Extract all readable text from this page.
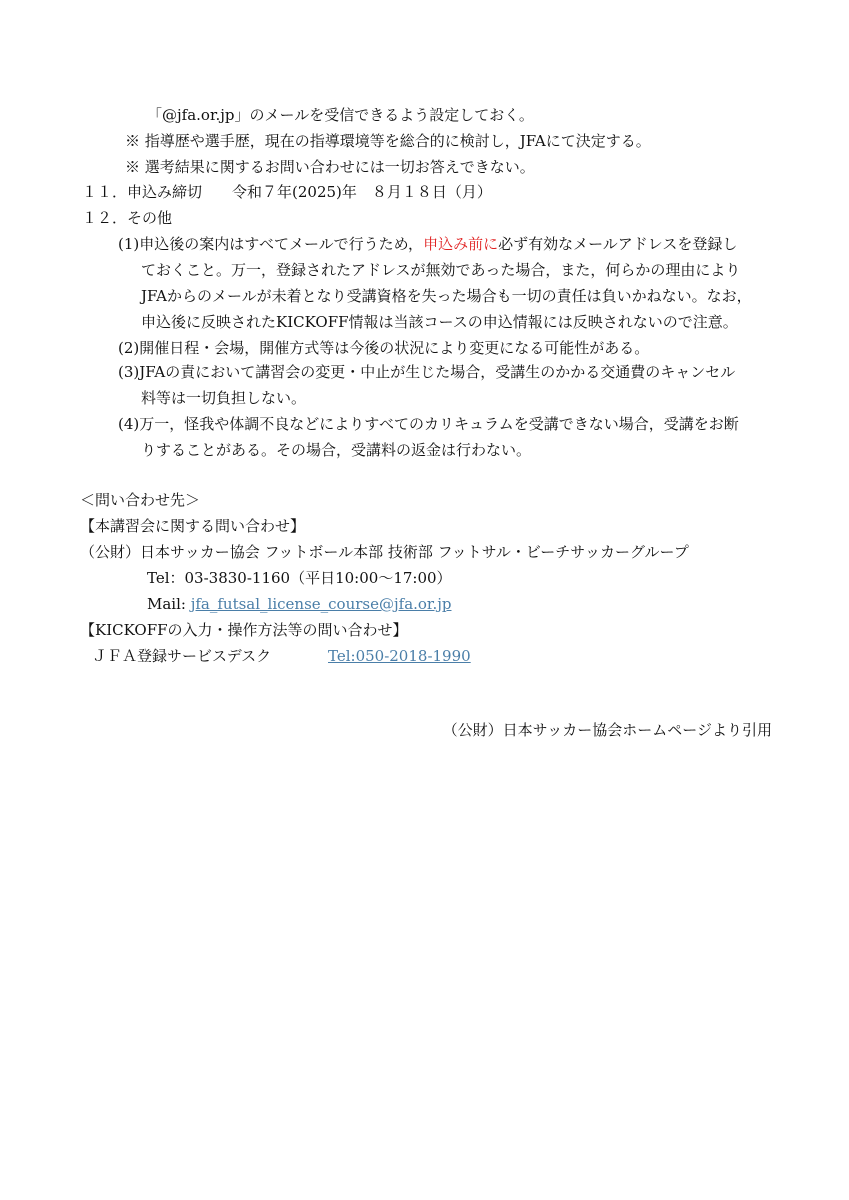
「@jfa.or.jp」のメールを受信できるよう設定しておく。
※ 指導歴や選手歴，現在の指導環境等を総合的に検討し，JFAにて決定する。
※ 選考結果に関するお問い合わせには一切お答えできない。
１１．申込み締切　　令和７年(2025)年　８月１８日（月）
１２．その他
(1)申込後の案内はすべてメールで行うため，申込み前に必ず有効なメールアドレスを登録し
ておくこと。万一，登録されたアドレスが無効であった場合，また，何らかの理由により
JFAからのメールが未着となり受講資格を失った場合も一切の責任は負いかねない。なお，
申込後に反映されたKICKOFF情報は当該コースの申込情報には反映されないので注意。
(2)開催日程・会場，開催方式等は今後の状況により変更になる可能性がある。
(3)JFAの責において講習会の変更・中止が生じた場合，受講生のかかる交通費のキャンセル
料等は一切負担しない。
(4)万一，怪我や体調不良などによりすべてのカリキュラムを受講できない場合，受講をお断
りすることがある。その場合，受講料の返金は行わない。
＜問い合わせ先＞
【本講習会に関する問い合わせ】
（公財）日本サッカー協会 フットボール本部 技術部 フットサル・ビーチサッカーグループ
Tel：03-3830-1160（平日10:00～17:00）
Mail: jfa_futsal_license_course@jfa.or.jp
【KICKOFFの入力・操作方法等の問い合わせ】
ＪＦＡ登録サービスデスク	Tel:050-2018-1990
（公財）日本サッカー協会ホームページより引用
